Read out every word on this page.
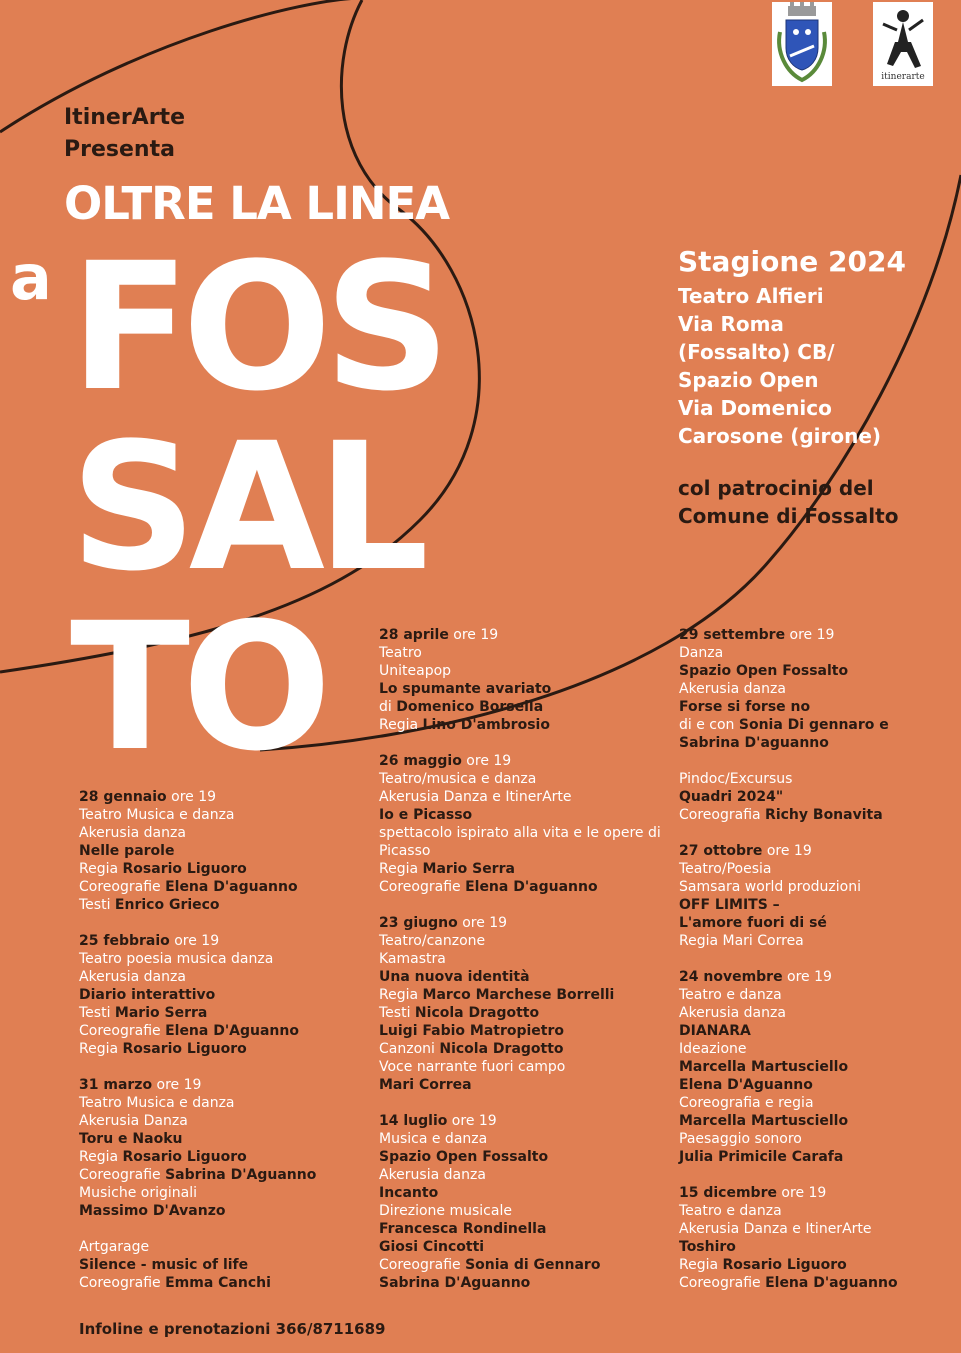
itinerarte
ItinerArte
Presenta
OLTRE LA LINEA
a FOS
SAL
TO
Stagione 2024
Teatro Alfieri
Via Roma
(Fossalto) CB/
Spazio Open
Via Domenico
Carosone (girone)
col patrocinio del
Comune di Fossalto
28 gennaio ore 19
Teatro Musica e danza
Akerusia danza
Nelle parole
Regia Rosario Liguoro
Coreografie Elena D'aguanno
Testi Enrico Grieco
25 febbraio ore 19
Teatro poesia musica danza
Akerusia danza
Diario interattivo
Testi Mario Serra
Coreografie Elena D'Aguanno
Regia Rosario Liguoro
31 marzo ore 19
Teatro Musica e danza
Akerusia Danza
Toru e Naoku
Regia Rosario Liguoro
Coreografie Sabrina D'Aguanno
Musiche originali
Massimo D'Avanzo
Artgarage
Silence - music of life
Coreografie Emma Canchi
28 aprile ore 19
Teatro
Uniteapop
Lo spumante avariato
di Domenico Borsella
Regia Lino D'ambrosio
26 maggio ore 19
Teatro/musica e danza
Akerusia Danza e ItinerArte
Io e Picasso
spettacolo ispirato alla vita e le opere di Picasso
Regia Mario Serra
Coreografie Elena D'aguanno
23 giugno ore 19
Teatro/canzone
Kamastra
Una nuova identità
Regia Marco Marchese Borrelli
Testi Nicola Dragotto
Luigi Fabio Matropietro
Canzoni Nicola Dragotto
Voce narrante fuori campo
Mari Correa
14 luglio ore 19
Musica e danza
Spazio Open Fossalto
Akerusia danza
Incanto
Direzione musicale
Francesca Rondinella
Giosi Cincotti
Coreografie Sonia di Gennaro
Sabrina D'Aguanno
29 settembre ore 19
Danza
Spazio Open Fossalto
Akerusia danza
Forse si forse no
di e con Sonia Di gennaro e
Sabrina D'aguanno
Pindoc/Excursus
Quadri 2024"
Coreografia Richy Bonavita
27 ottobre ore 19
Teatro/Poesia
Samsara world produzioni
OFF LIMITS –
L'amore fuori di sé
Regia Mari Correa
24 novembre ore 19
Teatro e danza
Akerusia danza
DIANARA
Ideazione
Marcella Martusciello
Elena D'Aguanno
Coreografia e regia
Marcella Martusciello
Paesaggio sonoro
Julia Primicile Carafa
15 dicembre ore 19
Teatro e danza
Akerusia Danza e ItinerArte
Toshiro
Regia Rosario Liguoro
Coreografie Elena D'aguanno
Infoline e prenotazioni 366/8711689
